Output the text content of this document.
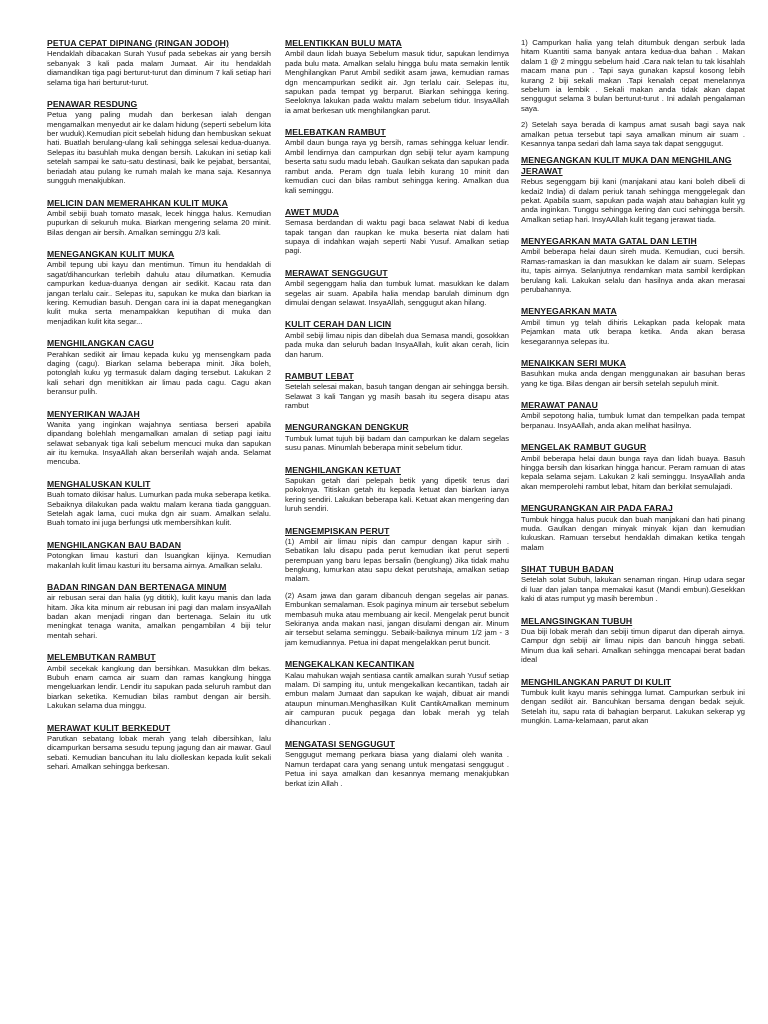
PETUA CEPAT DIPINANG (RINGAN JODOH)
Hendaklah dibacakan Surah Yusuf pada sebekas air yang bersih sebanyak 3 kali pada malam Jumaat. Air itu hendaklah diamandikan tiga pagi berturut-turut dan diminum 7 kali setiap hari selama tiga hari berturut-turut.
PENAWAR RESDUNG
Petua yang paling mudah dan berkesan ialah dengan mengamalkan menyedut air ke dalam hidung (seperti sebelum kita ber wuduk).Kemudian picit sebelah hidung dan hembuskan sekuat hati. Buatlah berulang-ulang kali sehingga selesai kedua-duanya. Selepas itu basuhlah muka dengan bersih. Lakukan ini setiap kali setelah sampai ke satu-satu destinasi, baik ke pejabat, bersantai, beriadah atau pulang ke rumah malah ke mana saja. Kesannya sungguh menakjubkan.
MELICIN DAN MEMERAHKAN KULIT MUKA
Ambil sebiji buah tomato masak, lecek hingga halus. Kemudian pupurkan di sekuruh muka. Biarkan mengering selama 20 minit. Bilas dengan air bersih. Amalkan seminggu 2/3 kali.
MENEGANGKAN KULIT MUKA
Ambil tepung ubi kayu dan mentimun. Timun itu hendaklah di sagat/dihancurkan terlebih dahulu atau dilumatkan. Kemudia campurkan kedua-duanya dengan air sedikit. Kacau rata dan jangan terlalu cair.. Selepas itu, sapukan ke muka dan biarkan ia kering. Kemudian basuh. Dengan cara ini ia dapat menegangkan kulit muka serta menampakkan keputihan di muka dan menjadikan kulit kita segar...
MENGHILANGKAN CAGU
Perahkan sedikit air limau kepada kuku yg mensengkam pada daging (cagu). Biarkan selama beberapa minit. Jika boleh, potonglah kuku yg termasuk dalam daging tersebut. Lakukan 2 kali sehari dgn menitikkan air limau pada cagu. Cagu akan beransur pulih.
MENYERIKAN WAJAH
Wanita yang inginkan wajahnya sentiasa berseri apabila dipandang bolehlah mengamalkan amalan di setiap pagi iaitu selawat sebanyak tiga kali sebelum mencuci muka dan sapukan air itu kemuka. InsyaAllah akan berserilah wajah anda. Selamat mencuba.
MENGHALUSKAN KULIT
Buah tomato dikisar halus. Lumurkan pada muka seberapa ketika. Sebaiknya dilakukan pada waktu malam kerana tiada gangguan. Setelah agak lama, cuci muka dgn air suam. Amalkan selalu. Buah tomato ini juga berfungsi utk membersihkan kulit.
MENGHILANGKAN BAU BADAN
Potongkan limau kasturi dan lsuangkan kijinya. Kemudian makanlah kulit limau kasturi itu bersama airnya. Amalkan selalu.
BADAN RINGAN DAN BERTENAGA MINUM
air rebusan serai dan halia (yg dititik), kulit kayu manis dan lada hitam. Jika kita minum air rebusan ini pagi dan malam insyaAllah badan akan menjadi ringan dan bertenaga. Selain itu utk meningkat tenaga wanita, amalkan pengambilan 4 biji telur mentah sehari.
MELEMBUTKAN RAMBUT
Ambil secekak kangkung dan bersihkan. Masukkan dlm bekas. Bubuh enam camca air suam dan ramas kangkung hingga mengeluarkan lendir. Lendir itu sapukan pada seluruh rambut dan biarkan seketika. Kemudian bilas rambut dengan air bersih. Lakukan selama dua minggu.
MERAWAT KULIT BERKEDUT
Parutkan sebatang lobak merah yang telah dibersihkan, lalu dicampurkan bersama sesudu tepung jagung dan air mawar. Gaul sebati. Kemudian bancuhan itu lalu diolleskan kepada kulit sekali sehari. Amalkan sehingga berkesan.
MELENTIKKAN BULU MATA
Ambil daun lidah buaya Sebelum masuk tidur, sapukan lendirnya pada bulu mata. Amalkan selalu hingga bulu mata semakin lentik Menghilangkan Parut Ambil sedikit asam jawa, kemudian ramas dgn mencampurkan sedikit air. Jgn terlalu cair. Selepas itu, sapukan pada tempat yg berparut. Biarkan sehingga kering. Seeloknya lakukan pada waktu malam sebelum tidur. InsyaAllah ia amat berkesan utk menghilangkan parut.
MELEBATKAN RAMBUT
Ambil daun bunga raya yg bersih, ramas sehingga keluar lendir. Ambil lendirnya dan campurkan dgn sebiji telur ayam kampung beserta satu sudu madu lebah. Gaulkan sekata dan sapukan pada rambut anda. Peram dgn tuala lebih kurang 10 minit dan kemudian cuci dan bilas rambut sehingga kering. Amalkan dua kali seminggu.
AWET MUDA
Semasa berdandan di waktu pagi baca selawat Nabi di kedua tapak tangan dan raupkan ke muka beserta niat dalam hati supaya di indahkan wajah seperti Nabi Yusuf. Amalkan setiap pagi.
MERAWAT SENGGUGUT
Ambil segenggam halia dan tumbuk lumat. masukkan ke dalam segelas air suam. Apabila halia mendap barulah diminum dgn dimulai dengan selawat. InsyaAllah, senggugut akan hilang.
KULIT CERAH DAN LICIN
Ambil sebiji limau nipis dan dibelah dua Semasa mandi, gosokkan pada muka dan seluruh badan InsyaAllah, kulit akan cerah, licin dan harum.
RAMBUT LEBAT
Setelah selesai makan, basuh tangan dengan air sehingga bersih. Selawat 3 kali Tangan yg masih basah itu segera disapu atas rambut
MENGURANGKAN DENGKUR
Tumbuk lumat tujuh biji badam dan campurkan ke dalam segelas susu panas. Minumlah beberapa minit sebelum tidur.
MENGHILANGKAN KETUAT
Sapukan getah dari pelepah betik yang dipetik terus dari pokoknya. Titiskan getah itu kepada ketuat dan biarkan ianya kering sendiri. Lakukan beberapa kali. Ketuat akan mengering dan luruh sendiri.
MENGEMPISKAN PERUT
(1) Ambil air limau nipis dan campur dengan kapur sirih . Sebatikan lalu disapu pada perut kemudian ikat perut seperti perempuan yang baru lepas bersalin (bengkung) Jika tidak mahu bengkung, lumurkan atau sapu dekat perutshaja, amalkan setiap malam.
(2) Asam jawa dan garam dibancuh dengan segelas air panas. Embunkan semalaman. Esok paginya minum air tersebut sebelum membasuh muka atau membuang air kecil. Mengelak perut buncit Sekiranya anda makan nasi, jangan disulami dengan air. Minum air tersebut selama seminggu. Sebaik-baiknya minum 1/2 jam - 3 jam kemudiannya. Petua ini dapat mengelakkan perut buncit.
MENGEKALKAN KECANTIKAN
Kalau mahukan wajah sentiasa cantik amalkan surah Yusuf setiap malam. Di samping itu, untuk mengekalkan kecantikan, tadah air embun malam Jumaat dan sapukan ke wajah, dibuat air mandi ataupun minuman.Menghasilkan Kulit CantikAmalkan meminum air campuran pucuk pegaga dan lobak merah yg telah dihancurkan .
MENGATASI SENGGUGUT
Senggugut memang perkara biasa yang dialami oleh wanita . Namun terdapat cara yang senang untuk mengatasi senggugut . Petua ini saya amalkan dan kesannya memang menakjubkan berkat izin Allah .
1) Campurkan halia yang telah ditumbuk dengan serbuk lada hitam Kuantiti sama banyak antara kedua-dua bahan . Makan dalam 1 @ 2 minggu sebelum haid .Cara nak telan tu tak kisahlah macam mana pun . Tapi saya gunakan kapsul kosong lebih kurang 2 biji sekali makan .Tapi kenalah cepat menelannya sebelum ia lembik . Sekali makan anda tidak akan dapat senggugut selama 3 bulan berturut-turut . Ini adalah pengalaman saya.
2) Setelah saya berada di kampus amat susah bagi saya nak amalkan petua tersebut tapi saya amalkan minum air suam . Kesannya tanpa sedari dah lama saya tak dapat senggugut.
MENEGANGKAN KULIT MUKA DAN MENGHILANG JERAWAT
Rebus segenggam biji kani (manjakani atau kani boleh dibeli di kedai2 India) di dalam periuk tanah sehingga menggelegak dan pekat. Apabila suam, sapukan pada wajah atau bahagian kulit yg anda inginkan. Tunggu sehingga kering dan cuci sehingga bersih. Amalkan setiap hari. InsyAAllah kulit tegang jerawat tiada.
MENYEGARKAN MATA GATAL DAN LETIH
Ambil beberapa helai daun sireh muda. Kemudian, cuci bersih. Ramas-ramaskan ia dan masukkan ke dalam air suam. Selepas itu, tapis airnya. Selanjutnya rendamkan mata sambil kerdipkan berulang kali. Lakukan selalu dan hasilnya anda akan merasai perubahannya.
MENYEGARKAN MATA
Ambil timun yg telah dihiris Lekapkan pada kelopak mata Pejamkan mata utk berapa ketika. Anda akan berasa kesegarannya selepas itu.
MENAIKKAN SERI MUKA
Basuhkan muka anda dengan menggunakan air basuhan beras yang ke tiga. Bilas dengan air bersih setelah sepuluh minit.
MERAWAT PANAU
Ambil sepotong halia, tumbuk lumat dan tempelkan pada tempat berpanau. InsyAAllah, anda akan melihat hasilnya.
MENGELAK RAMBUT GUGUR
Ambil beberapa helai daun bunga raya dan lidah buaya. Basuh hingga bersih dan kisarkan hingga hancur. Peram ramuan di atas kepala selama sejam. Lakukan 2 kali seminggu. InsyaAllah anda akan memperolehi rambut lebat, hitam dan berkilat semulajadi.
MENGURANGKAN AIR PADA FARAJ
Tumbuk hingga halus pucuk dan buah manjakani dan hati pinang muda. Gaulkan dengan minyak minyak kijan dan kemudian kukuskan. Ramuan tersebut hendaklah dimakan ketika tengah malam
SIHAT TUBUH BADAN
Setelah solat Subuh, lakukan senaman ringan. Hirup udara segar di luar dan jalan tanpa memakai kasut (Mandi embun).Gesekkan kaki di atas rumput yg masih berembun .
MELANGSINGKAN TUBUH
Dua biji lobak merah dan sebiji timun diparut dan diperah airnya. Campur dgn sebiji air limau nipis dan bancuh hingga sebati. Minum dua kali sehari. Amalkan sehingga mencapai berat badan ideal
MENGHILANGKAN PARUT DI KULIT
Tumbuk kulit kayu manis sehingga lumat. Campurkan serbuk ini dengan sedikit air. Bancuhkan bersama dengan bedak sejuk. Setelah itu, sapu rata di bahagian berparut. Lakukan sekerap yg mungkin. Lama-kelamaan, parut akan
